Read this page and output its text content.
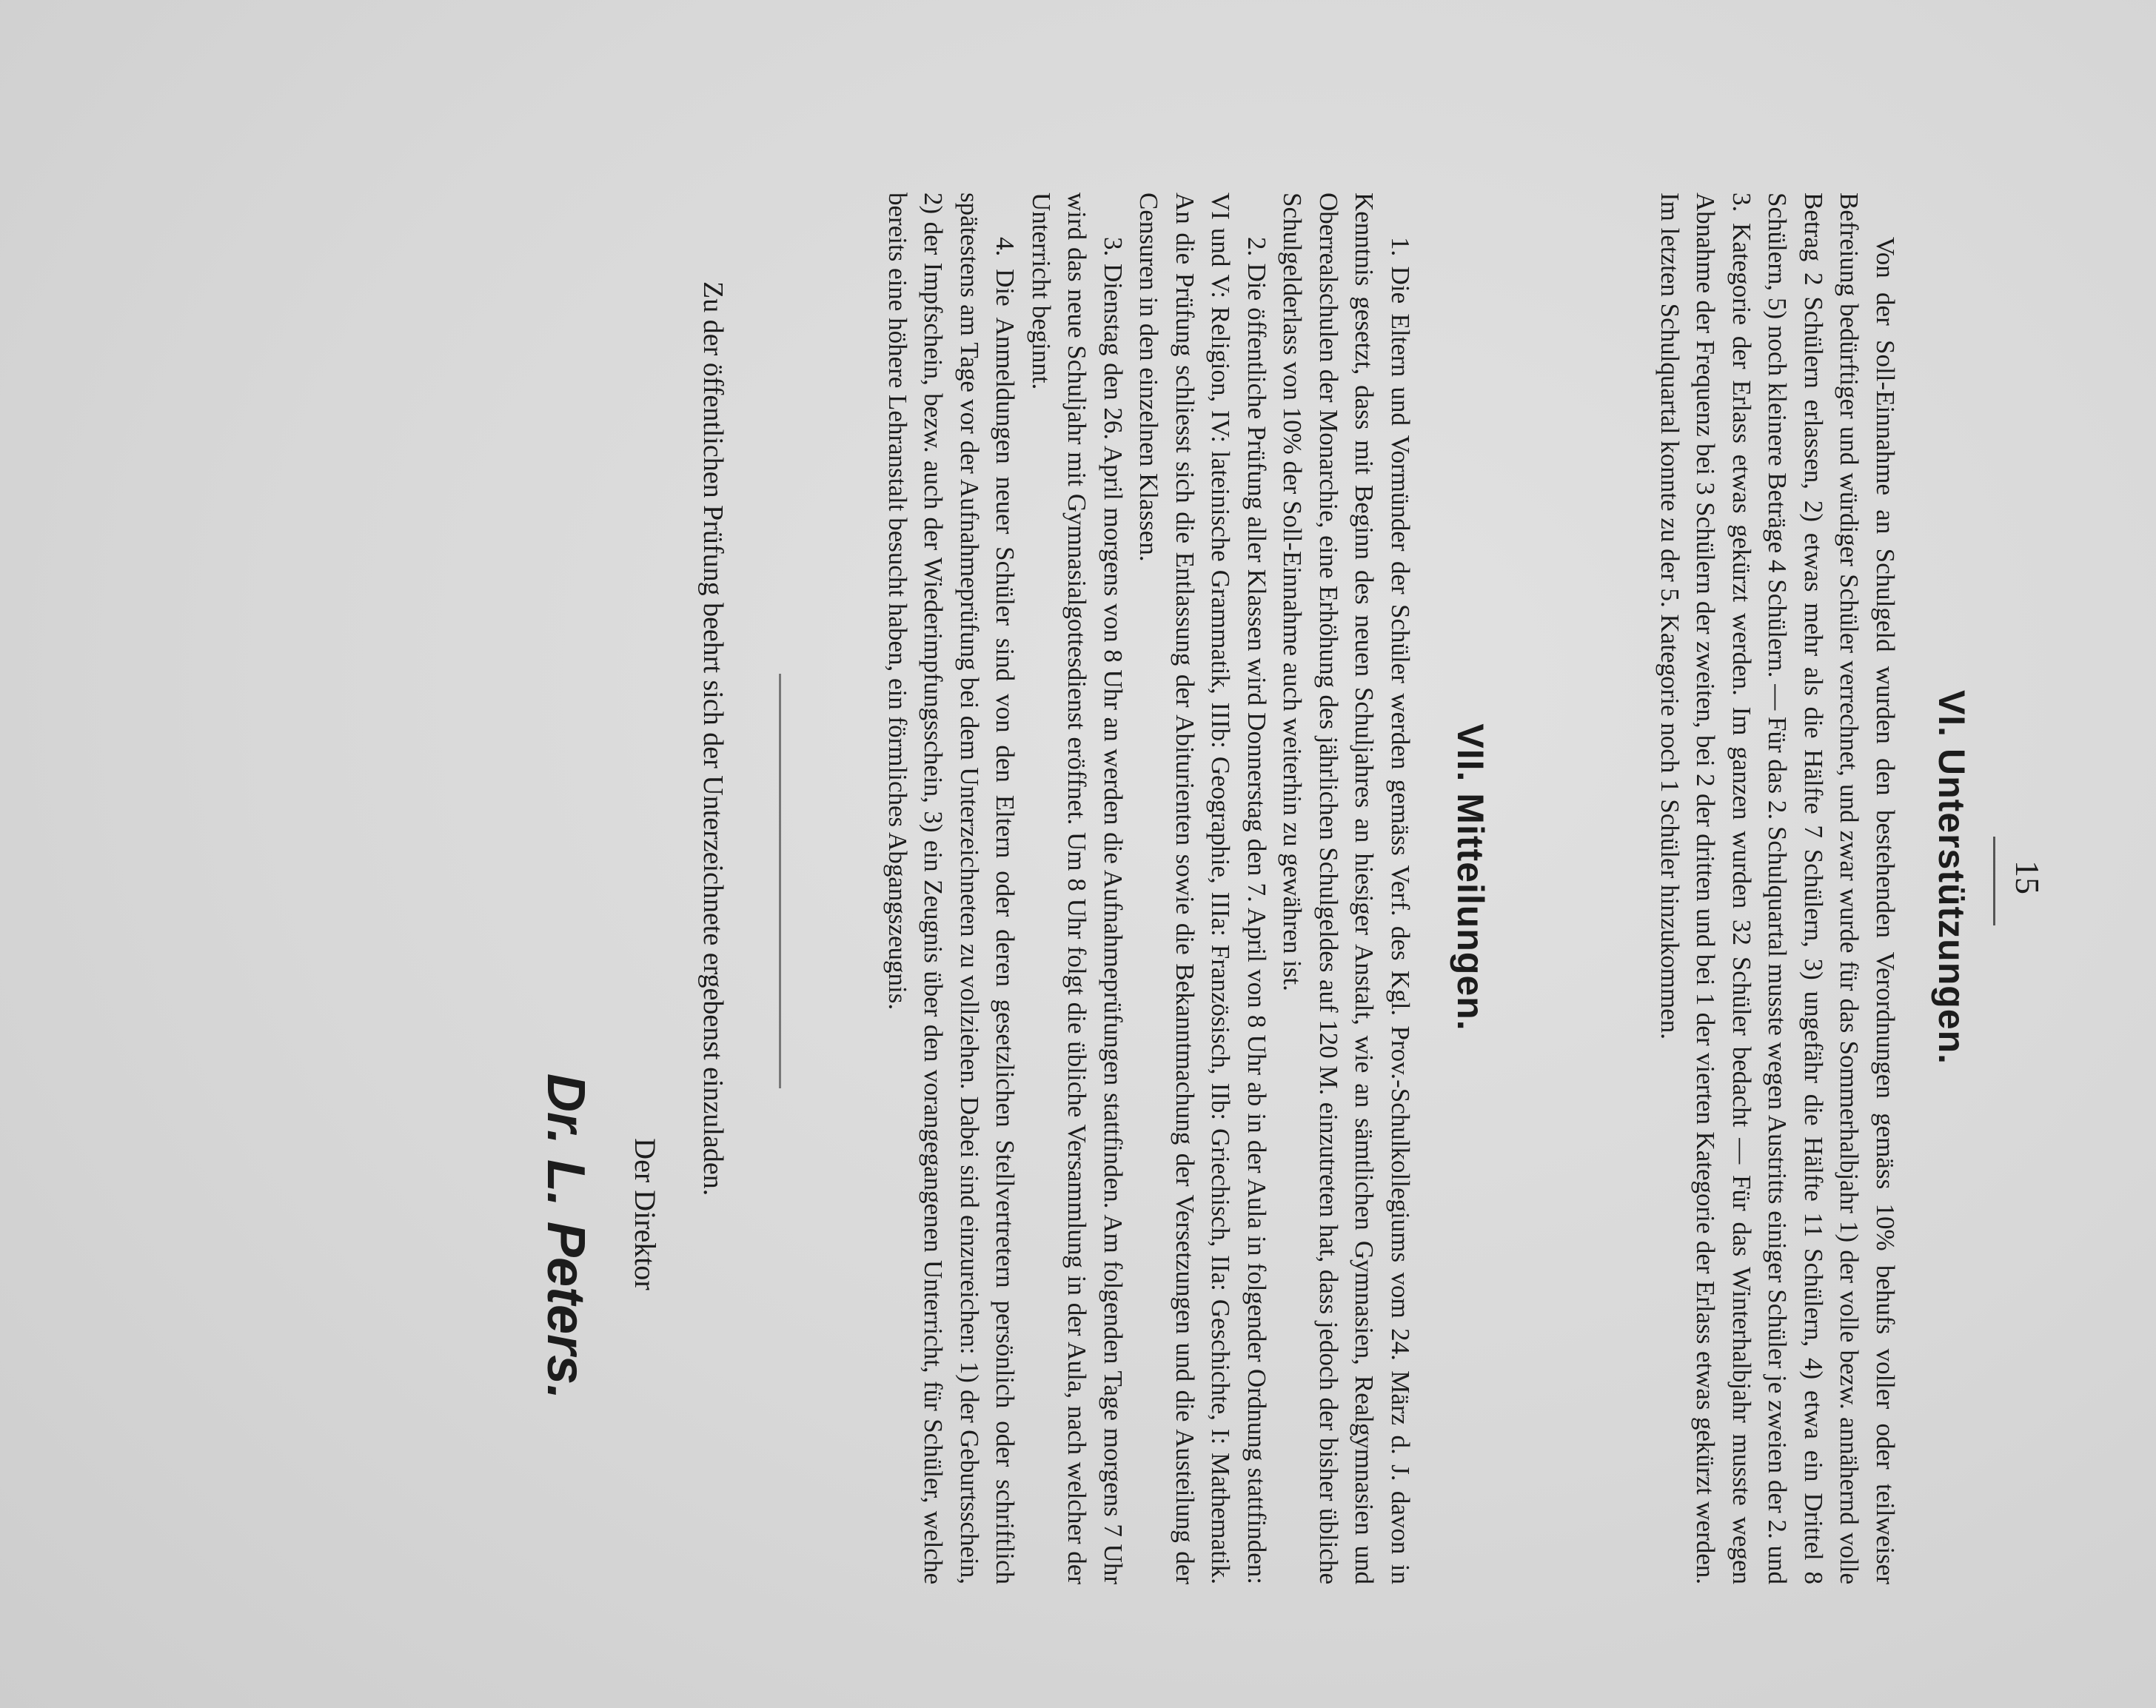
15
VI. Unterstützungen.

Von der Soll-Einnahme an Schulgeld wurden den bestehenden Verordnungen gemäss 10% behufs voller oder teilweiser Befreiung bedürftiger und würdiger Schüler verrechnet, und zwar wurde für das Sommerhalbjahr 1) der volle bezw. annähernd volle Betrag 2 Schülern erlassen, 2) etwas mehr als die Hälfte 7 Schülern, 3) ungefähr die Hälfte 11 Schülern, 4) etwa ein Drittel 8 Schülern, 5) noch kleinere Beträge 4 Schülern. — Für das 2. Schulquartal musste wegen Austritts einiger Schüler je zweien der 2. und 3. Kategorie der Erlass etwas gekürzt werden. Im ganzen wurden 32 Schüler bedacht — Für das Winterhalbjahr musste wegen Abnahme der Frequenz bei 3 Schülern der zweiten, bei 2 der dritten und bei 1 der vierten Kategorie der Erlass etwas gekürzt werden. Im letzten Schulquartal konnte zu der 5. Kategorie noch 1 Schüler hinzukommen.

VII. Mitteilungen.

1. Die Eltern und Vormünder der Schüler werden gemäss Verf. des Kgl. Prov.-Schulkollegiums vom 24. März d. J. davon in Kenntnis gesetzt, dass mit Beginn des neuen Schuljahres an hiesiger Anstalt, wie an sämtlichen Gymnasien, Realgymnasien und Oberrealschulen der Monarchie, eine Erhöhung des jährlichen Schulgeldes auf 120 M. einzutreten hat, dass jedoch der bisher übliche Schulgelderlass von 10% der Soll-Einnahme auch weiterhin zu gewähren ist.

2. Die öffentliche Prüfung aller Klassen wird Donnerstag den 7. April von 8 Uhr ab in der Aula in folgender Ordnung stattfinden: VI und V: Religion, IV: lateinische Grammatik, IIIb: Geographie, IIIa: Französisch, IIb: Griechisch, IIa: Geschichte, I: Mathematik. An die Prüfung schliesst sich die Entlassung der Abiturienten sowie die Bekanntmachung der Versetzungen und die Austeilung der Censuren in den einzelnen Klassen.

3. Dienstag den 26. April morgens von 8 Uhr an werden die Aufnahmeprüfungen stattfinden. Am folgenden Tage morgens 7 Uhr wird das neue Schuljahr mit Gymnasialgottesdienst eröffnet. Um 8 Uhr folgt die übliche Versammlung in der Aula, nach welcher der Unterricht beginnt.

4. Die Anmeldungen neuer Schüler sind von den Eltern oder deren gesetzlichen Stellvertretern persönlich oder schriftlich spätestens am Tage vor der Aufnahmeprüfung bei dem Unterzeichneten zu vollziehen. Dabei sind einzureichen: 1) der Geburtsschein, 2) der Impfschein, bezw. auch der Wiederimpfungsschein, 3) ein Zeugnis über den vorangegangenen Unterricht, für Schüler, welche bereits eine höhere Lehranstalt besucht haben, ein förmliches Abgangszeugnis.

Zu der öffentlichen Prüfung beehrt sich der Unterzeichnete ergebenst einzuladen.
Der Direktor
Dr. L. Peters.
